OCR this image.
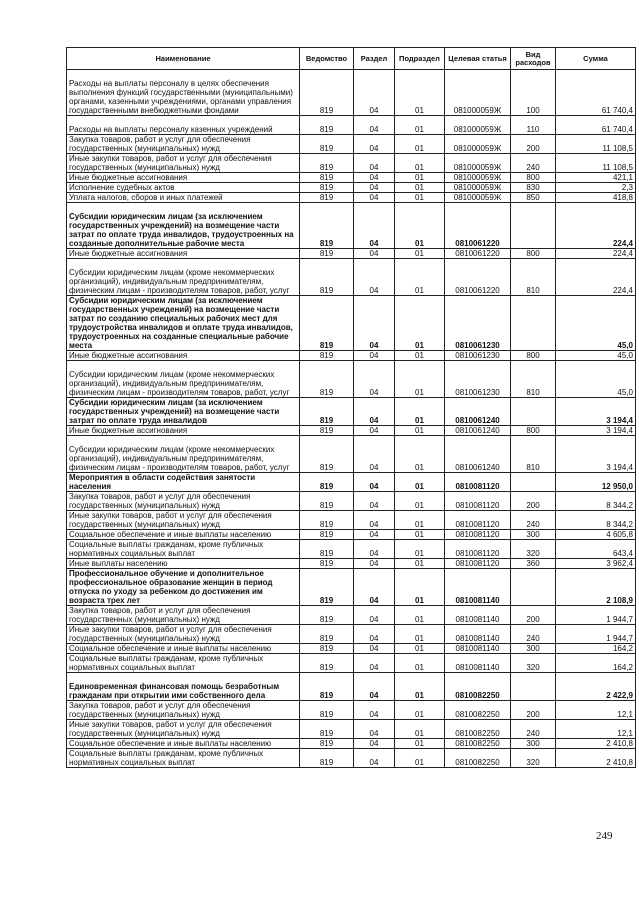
Наименование	Ведомство	Раздел	Подраздел	Целевая статья	Вид расходов	Сумма
Расходы на выплаты персоналу в целях обеспечения выполнения функций государственными (муниципальными) органами, казенными учреждениями, органами управления государственными внебюджетными фондами	819	04	01	081000059Ж	100	61 740,4
Расходы на выплаты персоналу казенных учреждений	819	04	01	081000059Ж	110	61 740,4
Закупка товаров, работ и услуг для обеспечения государственных (муниципальных) нужд	819	04	01	081000059Ж	200	11 108,5
Иные закупки товаров, работ и услуг для обеспечения государственных (муниципальных) нужд	819	04	01	081000059Ж	240	11 108,5
Иные бюджетные ассигнования	819	04	01	081000059Ж	800	421,1
Исполнение судебных актов	819	04	01	081000059Ж	830	2,3
Уплата налогов, сборов и иных платежей	819	04	01	081000059Ж	850	418,8
Субсидии юридическим лицам (за исключением государственных учреждений) на возмещение части затрат по оплате труда инвалидов, трудоустроенных на созданные дополнительные рабочие места	819	04	01	0810061220		224,4
Иные бюджетные ассигнования	819	04	01	0810061220	800	224,4
Субсидии юридическим лицам (кроме некоммерческих организаций), индивидуальным предпринимателям, физическим лицам - производителям товаров, работ, услуг	819	04	01	0810061220	810	224,4
Субсидии юридическим лицам (за исключением государственных учреждений) на возмещение части затрат по созданию специальных рабочих мест для трудоустройства инвалидов и оплате труда инвалидов, трудоустроенных на созданные специальные рабочие места	819	04	01	0810061230		45,0
Иные бюджетные ассигнования	819	04	01	0810061230	800	45,0
Субсидии юридическим лицам (кроме некоммерческих организаций), индивидуальным предпринимателям, физическим лицам - производителям товаров, работ, услуг	819	04	01	0810061230	810	45,0
Субсидии юридическим лицам (за исключением государственных учреждений) на возмещение части затрат по оплате труда инвалидов	819	04	01	0810061240		3 194,4
Иные бюджетные ассигнования	819	04	01	0810061240	800	3 194,4
Субсидии юридическим лицам (кроме некоммерческих организаций), индивидуальным предпринимателям, физическим лицам - производителям товаров, работ, услуг	819	04	01	0810061240	810	3 194,4
Мероприятия в области содействия занятости населения	819	04	01	0810081120		12 950,0
Закупка товаров, работ и услуг для обеспечения государственных (муниципальных) нужд	819	04	01	0810081120	200	8 344,2
Иные закупки товаров, работ и услуг для обеспечения государственных (муниципальных) нужд	819	04	01	0810081120	240	8 344,2
Социальное обеспечение и иные выплаты населению	819	04	01	0810081120	300	4 605,8
Социальные выплаты гражданам, кроме публичных нормативных социальных выплат	819	04	01	0810081120	320	643,4
Иные выплаты населению	819	04	01	0810081120	360	3 962,4
Профессиональное обучение и дополнительное профессиональное образование женщин в период отпуска по уходу за ребенком до достижения им возраста трех лет	819	04	01	0810081140		2 108,9
Закупка товаров, работ и услуг для обеспечения государственных (муниципальных) нужд	819	04	01	0810081140	200	1 944,7
Иные закупки товаров, работ и услуг для обеспечения государственных (муниципальных) нужд	819	04	01	0810081140	240	1 944,7
Социальное обеспечение и иные выплаты населению	819	04	01	0810081140	300	164,2
Социальные выплаты гражданам, кроме публичных нормативных социальных выплат	819	04	01	0810081140	320	164,2
Единовременная финансовая помощь безработным гражданам при открытии ими собственного дела	819	04	01	0810082250		2 422,9
Закупка товаров, работ и услуг для обеспечения государственных (муниципальных) нужд	819	04	01	0810082250	200	12,1
Иные закупки товаров, работ и услуг для обеспечения государственных (муниципальных) нужд	819	04	01	0810082250	240	12,1
Социальное обеспечение и иные выплаты населению	819	04	01	0810082250	300	2 410,8
Социальные выплаты гражданам, кроме публичных нормативных социальных выплат	819	04	01	0810082250	320	2 410,8
249
